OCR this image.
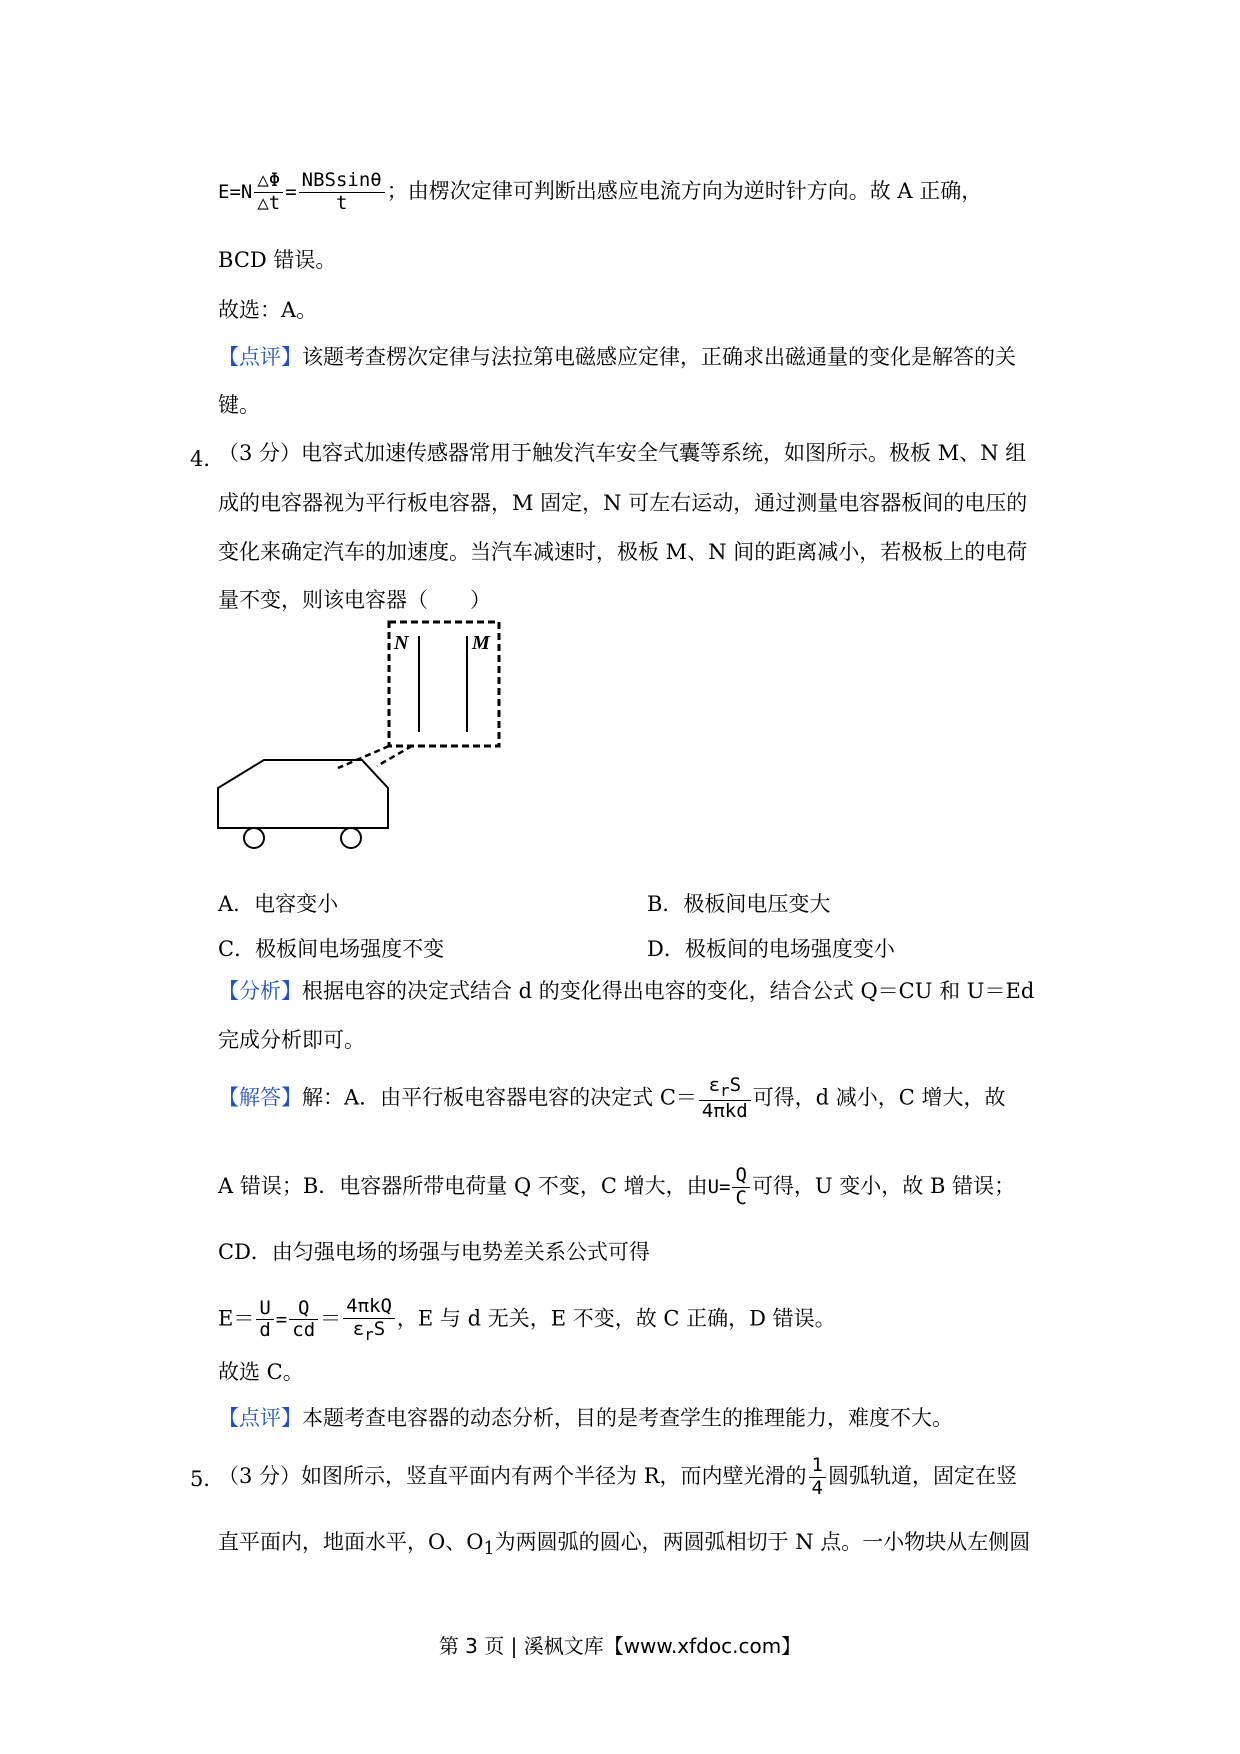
$E=N \frac{\triangle\Phi}{\triangle t} = \frac{\text{NBSsinθ}}{t}$ ；由楞次定律可判断出感应电流方向为逆时针方向。故 A 正确，
BCD 错误。
故选：A。
【点评】该题考查楞次定律与法拉第电磁感应定律，正确求出磁通量的变化是解答的关
键。
4．
（3 分）电容式加速传感器常用于触发汽车安全气囊等系统，如图所示。极板 M、N 组
成的电容器视为平行板电容器，M 固定，N 可左右运动，通过测量电容器板间的电压的
变化来确定汽车的加速度。当汽车减速时，极板 M、N 间的距离减小，若极板上的电荷
量不变，则该电容器（　　）
N	M
A．电容变小	B．极板间电压变大
C．极板间电场强度不变	D．极板间的电场强度变小
【分析】根据电容的决定式结合 d 的变化得出电容的变化，结合公式 Q＝CU 和 U＝Ed
完成分析即可。
【解答】解：A．由平行板电容器电容的决定式 $C= \frac{\varepsilon_rS}{\text{4πkd}}$ 可得，d 减小，C 增大，故
A 错误；B．电容器所带电荷量 Q 不变，C 增大，由$U= \frac{Q}{C}$ 可得，U 变小，故 B 错误；
CD．由匀强电场的场强与电势差关系公式可得
$E= \frac{U}{d} = \frac{Q}{cd} = \frac{\text{4πkQ}}{\varepsilon_rS}$ ，E 与 d 无关，E 不变，故 C 正确，D 错误。
故选 C。
【点评】本题考查电容器的动态分析，目的是考查学生的推理能力，难度不大。
5．
（3 分）如图所示，竖直平面内有两个半径为 R，而内壁光滑的 $\frac{1}{4}$ 圆弧轨道，固定在竖
直平面内，地面水平，O、$O_1$为两圆弧的圆心，两圆弧相切于 N 点。一小物块从左侧圆
第 3 页 | 溪枫文库【www.xfdoc.com】
